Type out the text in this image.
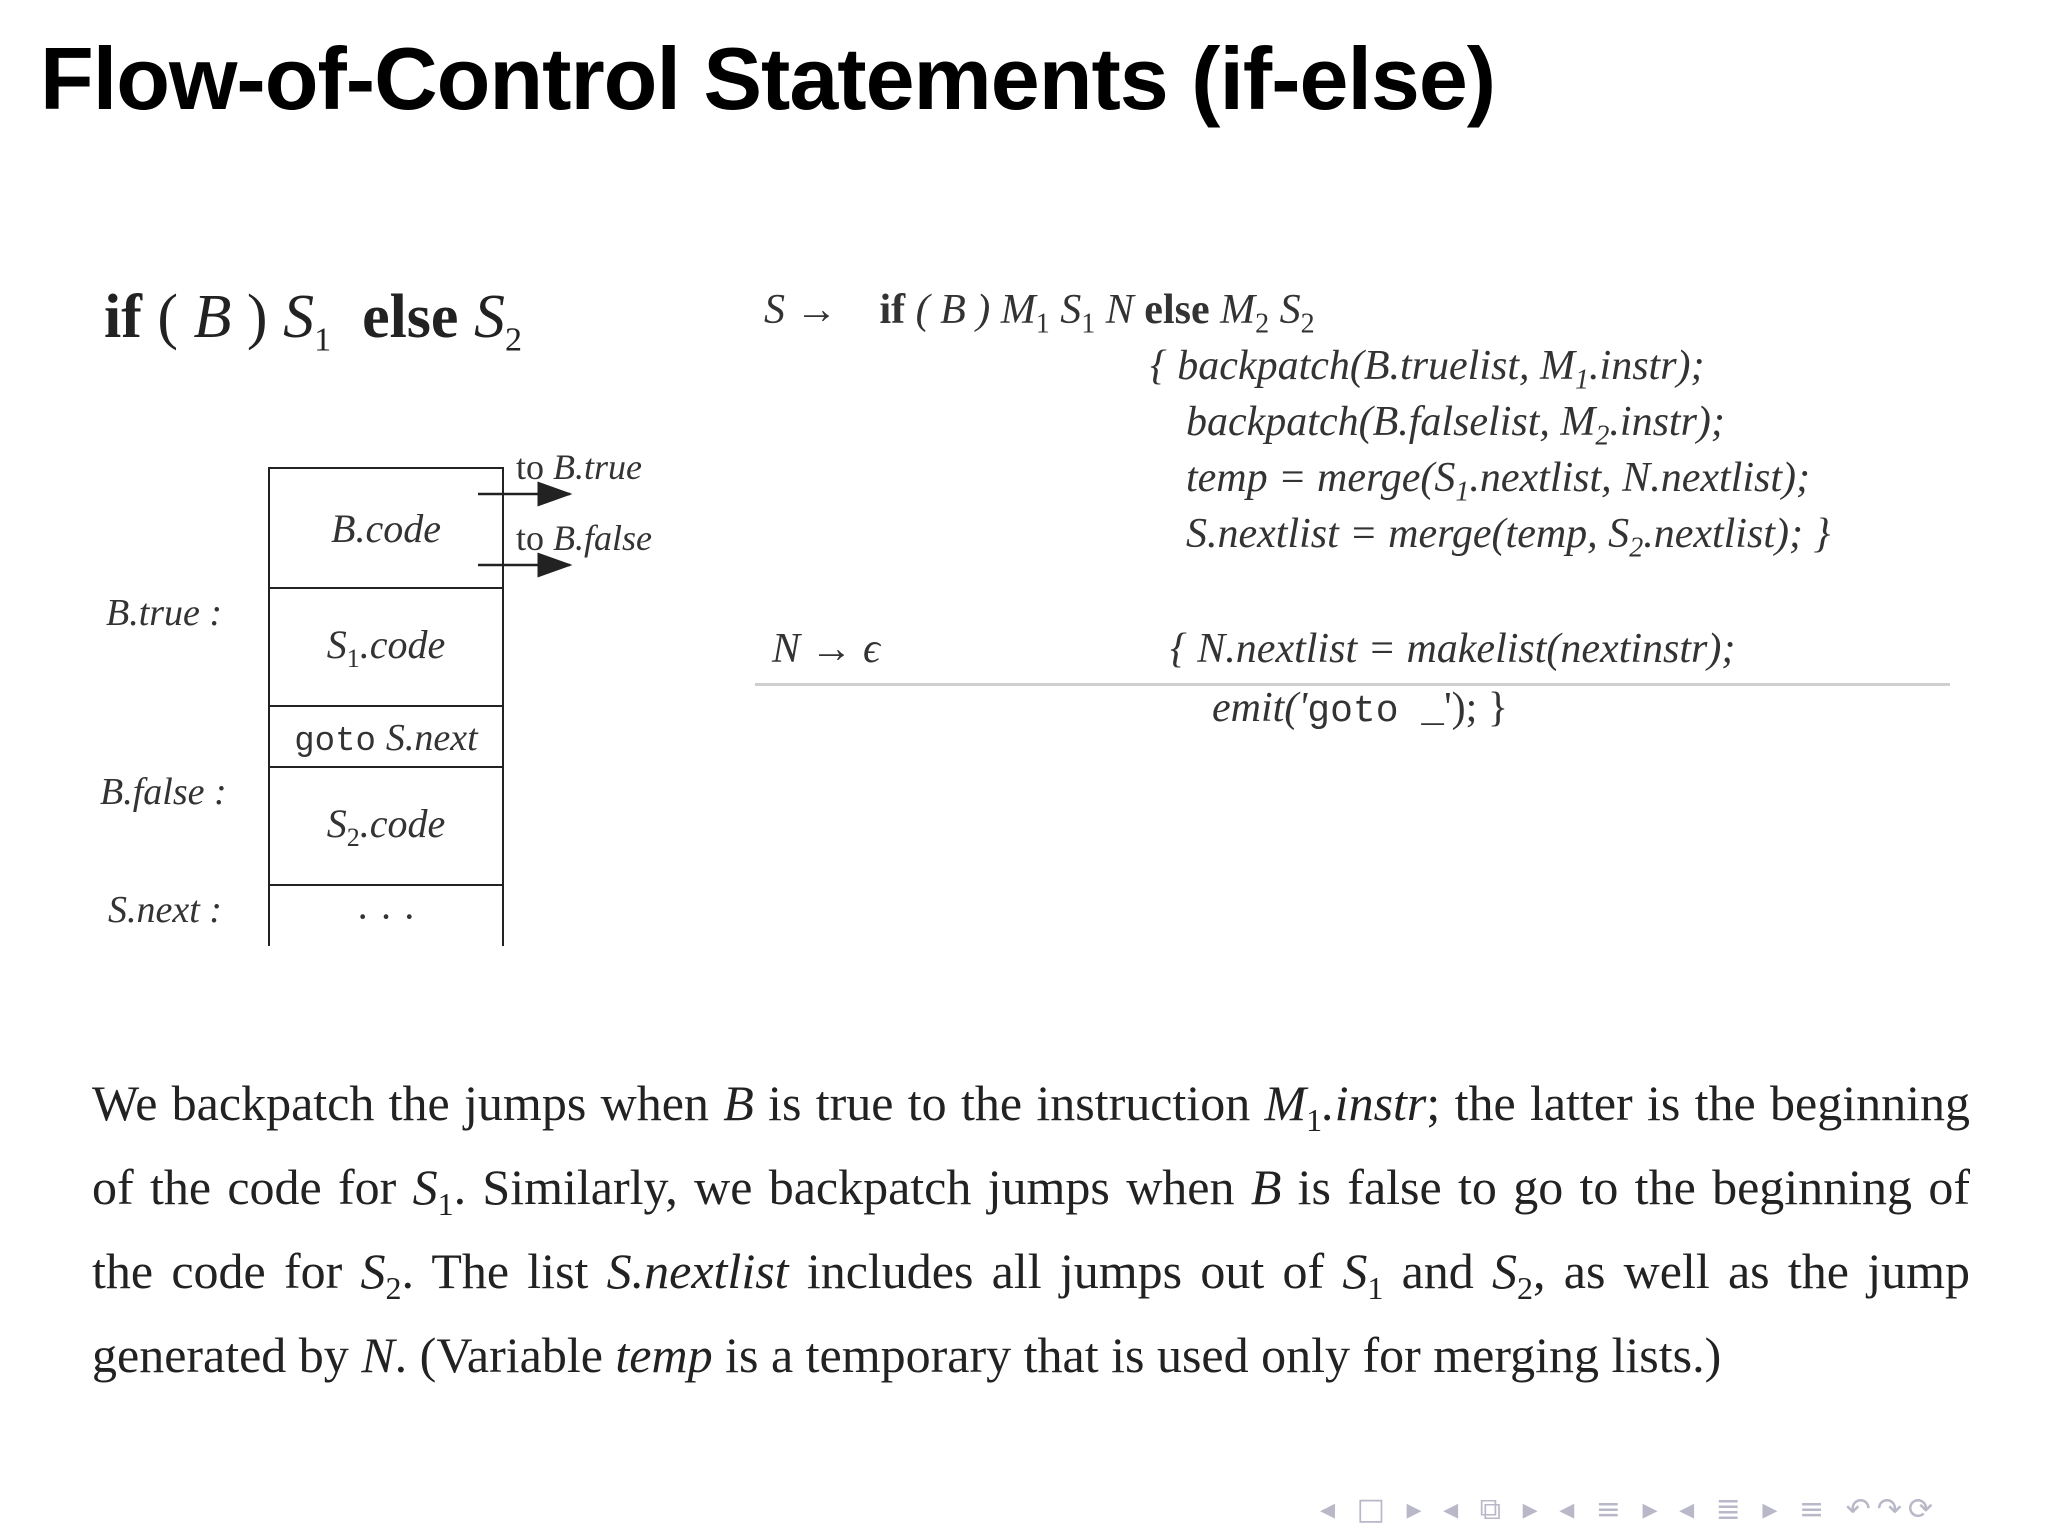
Flow-of-Control Statements (if-else)
if ( B ) $S_1$ else $S_2$
B.code
$S_1.code$
goto S.next
$S_2.code$
· · ·
B.true :
B.false :
S.next :
to B.true
to B.false
S → if ( B ) $M_1$ $S_1$ N else $M_2$ $S_2$
{ backpatch(B.truelist, $M_1.instr$);
backpatch(B.falselist, $M_2.instr$);
temp = $merge(S_1.nextlist$, N.nextlist);
S.nextlist = merge(temp, $S_2.nextlist$); }
N → ϵ	{ N.nextlist = makelist(nextinstr);
emit('goto _'); }
We backpatch the jumps when B is true to the instruction $M_1.instr$; the latter is the beginning of the code for $S_1$. Similarly, we backpatch jumps when B is false to go to the beginning of the code for $S_2$. The list S.nextlist includes all jumps out of $S_1$ and $S_2$, as well as the jump generated by N. (Variable temp is a temporary that is used only for merging lists.)
◂ □ ▸ ◂ ⧉ ▸ ◂ ≡ ▸ ◂ ≣ ▸ ≡ ↶↷⟳
